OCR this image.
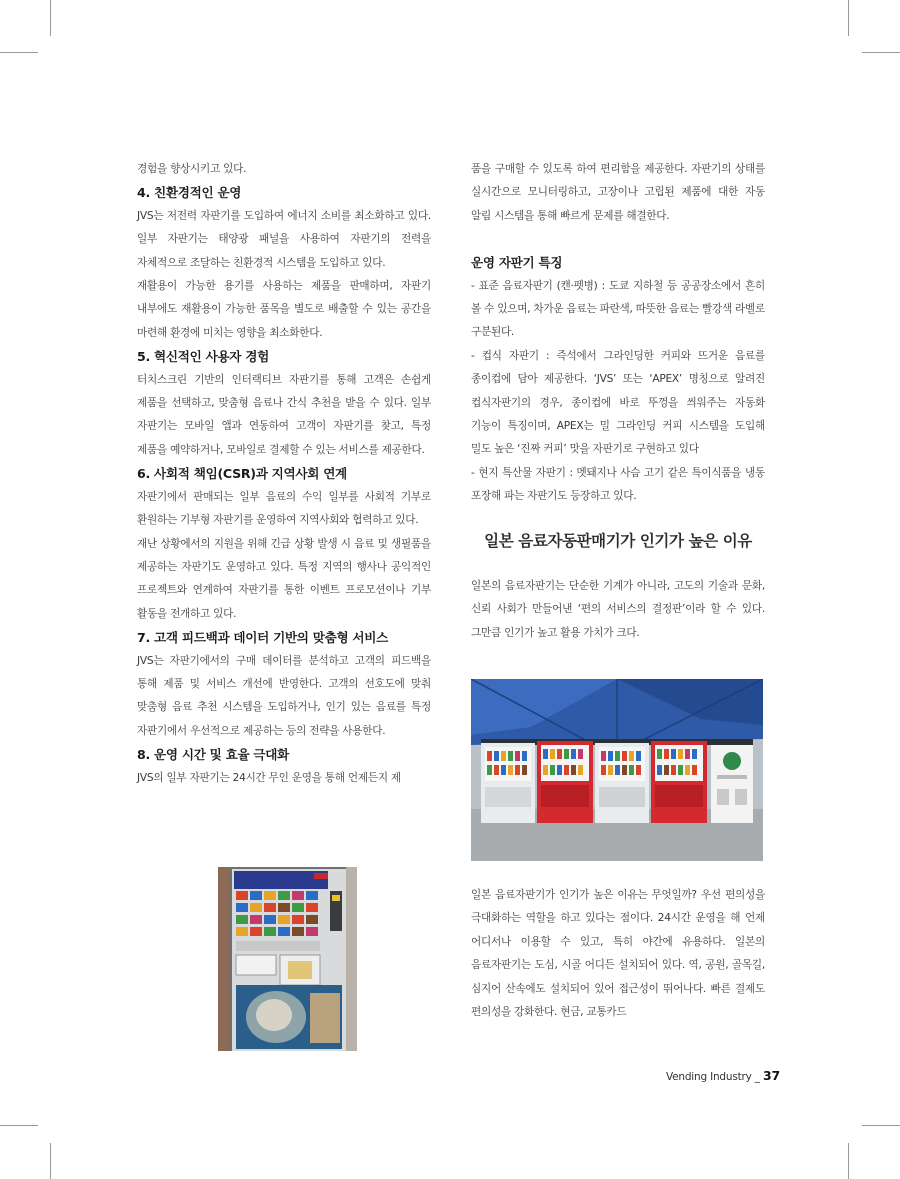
경험을 향상시키고 있다.

4. 친환경적인 운영

JVS는 저전력 자판기를 도입하여 에너지 소비를 최소화하고 있다. 일부 자판기는 태양광 패널을 사용하여 자판기의 전력을 자체적으로 조달하는 친환경적 시스템을 도입하고 있다.

재활용이 가능한 용기를 사용하는 제품을 판매하며, 자판기 내부에도 재활용이 가능한 품목을 별도로 배출할 수 있는 공간을 마련해 환경에 미치는 영향을 최소화한다.

5. 혁신적인 사용자 경험

터치스크린 기반의 인터랙티브 자판기를 통해 고객은 손쉽게 제품을 선택하고, 맞춤형 음료나 간식 추천을 받을 수 있다. 일부 자판기는 모바일 앱과 연동하여 고객이 자판기를 찾고, 특정 제품을 예약하거나, 모바일로 결제할 수 있는 서비스를 제공한다.

6. 사회적 책임(CSR)과 지역사회 연계

자판기에서 판매되는 일부 음료의 수익 일부를 사회적 기부로 환원하는 기부형 자판기를 운영하여 지역사회와 협력하고 있다.

재난 상황에서의 지원을 위해 긴급 상황 발생 시 음료 및 생필품을 제공하는 자판기도 운영하고 있다. 특정 지역의 행사나 공익적인 프로젝트와 연계하여 자판기를 통한 이벤트 프로모션이나 기부 활동을 전개하고 있다.

7. 고객 피드백과 데이터 기반의 맞춤형 서비스

JVS는 자판기에서의 구매 데이터를 분석하고 고객의 피드백을 통해 제품 및 서비스 개선에 반영한다. 고객의 선호도에 맞춰 맞춤형 음료 추천 시스템을 도입하거나, 인기 있는 음료를 특정 자판기에서 우선적으로 제공하는 등의 전략을 사용한다.

8. 운영 시간 및 효율 극대화

JVS의 일부 자판기는 24시간 무인 운영을 통해 언제든지 제

품을 구매할 수 있도록 하여 편리함을 제공한다. 자판기의 상태를 실시간으로 모니터링하고, 고장이나 고립된 제품에 대한 자동 알림 시스템을 통해 빠르게 문제를 해결한다.

운영 자판기 특징

- 표준 음료자판기 (캔·펫병) : 도쿄 지하철 등 공공장소에서 흔히 볼 수 있으며, 차가운 음료는 파란색, 따뜻한 음료는 빨강색 라벨로 구분된다.

- 컵식 자판기 : 즉석에서 그라인딩한 커피와 뜨거운 음료를 종이컵에 담아 제공한다. ‘JVS’ 또는 ‘APEX’ 명칭으로 알려진 컵식자판기의 경우, 종이컵에 바로 뚜껑을 씌워주는 자동화 기능이 특징이며, APEX는 밀 그라인딩 커피 시스템을 도입해 밀도 높은 ‘진짜 커피’ 맛을 자판기로 구현하고 있다

- 현지 특산물 자판기 : 멧돼지나 사슴 고기 같은 특이식품을 냉동 포장해 파는 자판기도 등장하고 있다.

일본 음료자동판매기가 인기가 높은 이유

일본의 음료자판기는 단순한 기계가 아니라, 고도의 기술과 문화, 신뢰 사회가 만들어낸 ‘편의 서비스의 결정판’이라 할 수 있다. 그만큼 인기가 높고 활용 가치가 크다.

일본 음료자판기가 인기가 높은 이유는 무엇일까? 우선 편의성을 극대화하는 역할을 하고 있다는 점이다. 24시간 운영을 해 언제 어디서나 이용할 수 있고, 특히 야간에 유용하다. 일본의 음료자판기는 도심, 시골 어디든 설치되어 있다. 역, 공원, 골목길, 심지어 산속에도 설치되어 있어 접근성이 뛰어나다. 빠른 결제도 편의성을 강화한다. 현금, 교통카드

Vending Industry _ 37
